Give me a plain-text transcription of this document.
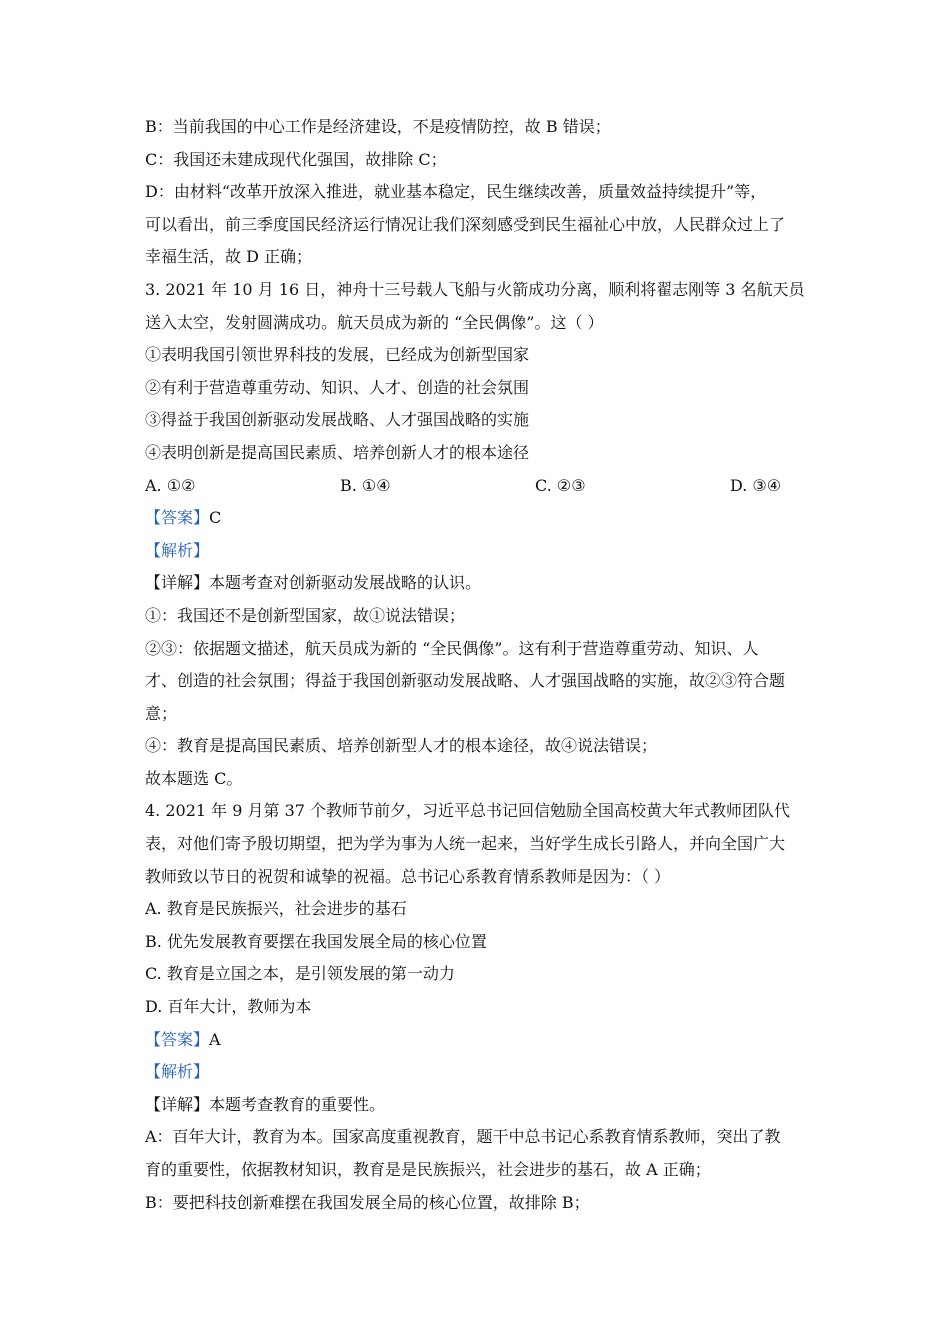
B：当前我国的中心工作是经济建设，不是疫情防控，故 B 错误；
C：我国还未建成现代化强国，故排除 C；
D：由材料“改革开放深入推进，就业基本稳定，民生继续改善，质量效益持续提升”等，
可以看出，前三季度国民经济运行情况让我们深刻感受到民生福祉心中放，人民群众过上了
幸福生活，故 D 正确；
3. 2021 年 10 月 16 日，神舟十三号载人飞船与火箭成功分离，顺利将翟志刚等 3 名航天员
送入太空，发射圆满成功。航天员成为新的 “全民偶像”。这（ ）
①表明我国引领世界科技的发展，已经成为创新型国家
②有利于营造尊重劳动、知识、人才、创造的社会氛围
③得益于我国创新驱动发展战略、人才强国战略的实施
④表明创新是提高国民素质、培养创新人才的根本途径
A. ①②	B. ①④	C. ②③	D. ③④
【答案】C
【解析】
【详解】本题考查对创新驱动发展战略的认识。
①：我国还不是创新型国家，故①说法错误；
②③：依据题文描述，航天员成为新的 “全民偶像”。这有利于营造尊重劳动、知识、人
才、创造的社会氛围；得益于我国创新驱动发展战略、人才强国战略的实施，故②③符合题
意；
④：教育是提高国民素质、培养创新型人才的根本途径，故④说法错误；
故本题选 C。
4. 2021 年 9 月第 37 个教师节前夕，习近平总书记回信勉励全国高校黄大年式教师团队代
表，对他们寄予殷切期望，把为学为事为人统一起来，当好学生成长引路人，并向全国广大
教师致以节日的祝贺和诚挚的祝福。总书记心系教育情系教师是因为：（ ）
A. 教育是民族振兴，社会进步的基石
B. 优先发展教育要摆在我国发展全局的核心位置
C. 教育是立国之本，是引领发展的第一动力
D. 百年大计，教师为本
【答案】A
【解析】
【详解】本题考查教育的重要性。
A：百年大计，教育为本。国家高度重视教育，题干中总书记心系教育情系教师，突出了教
育的重要性，依据教材知识，教育是是民族振兴，社会进步的基石，故 A 正确；
B：要把科技创新难摆在我国发展全局的核心位置，故排除 B；
